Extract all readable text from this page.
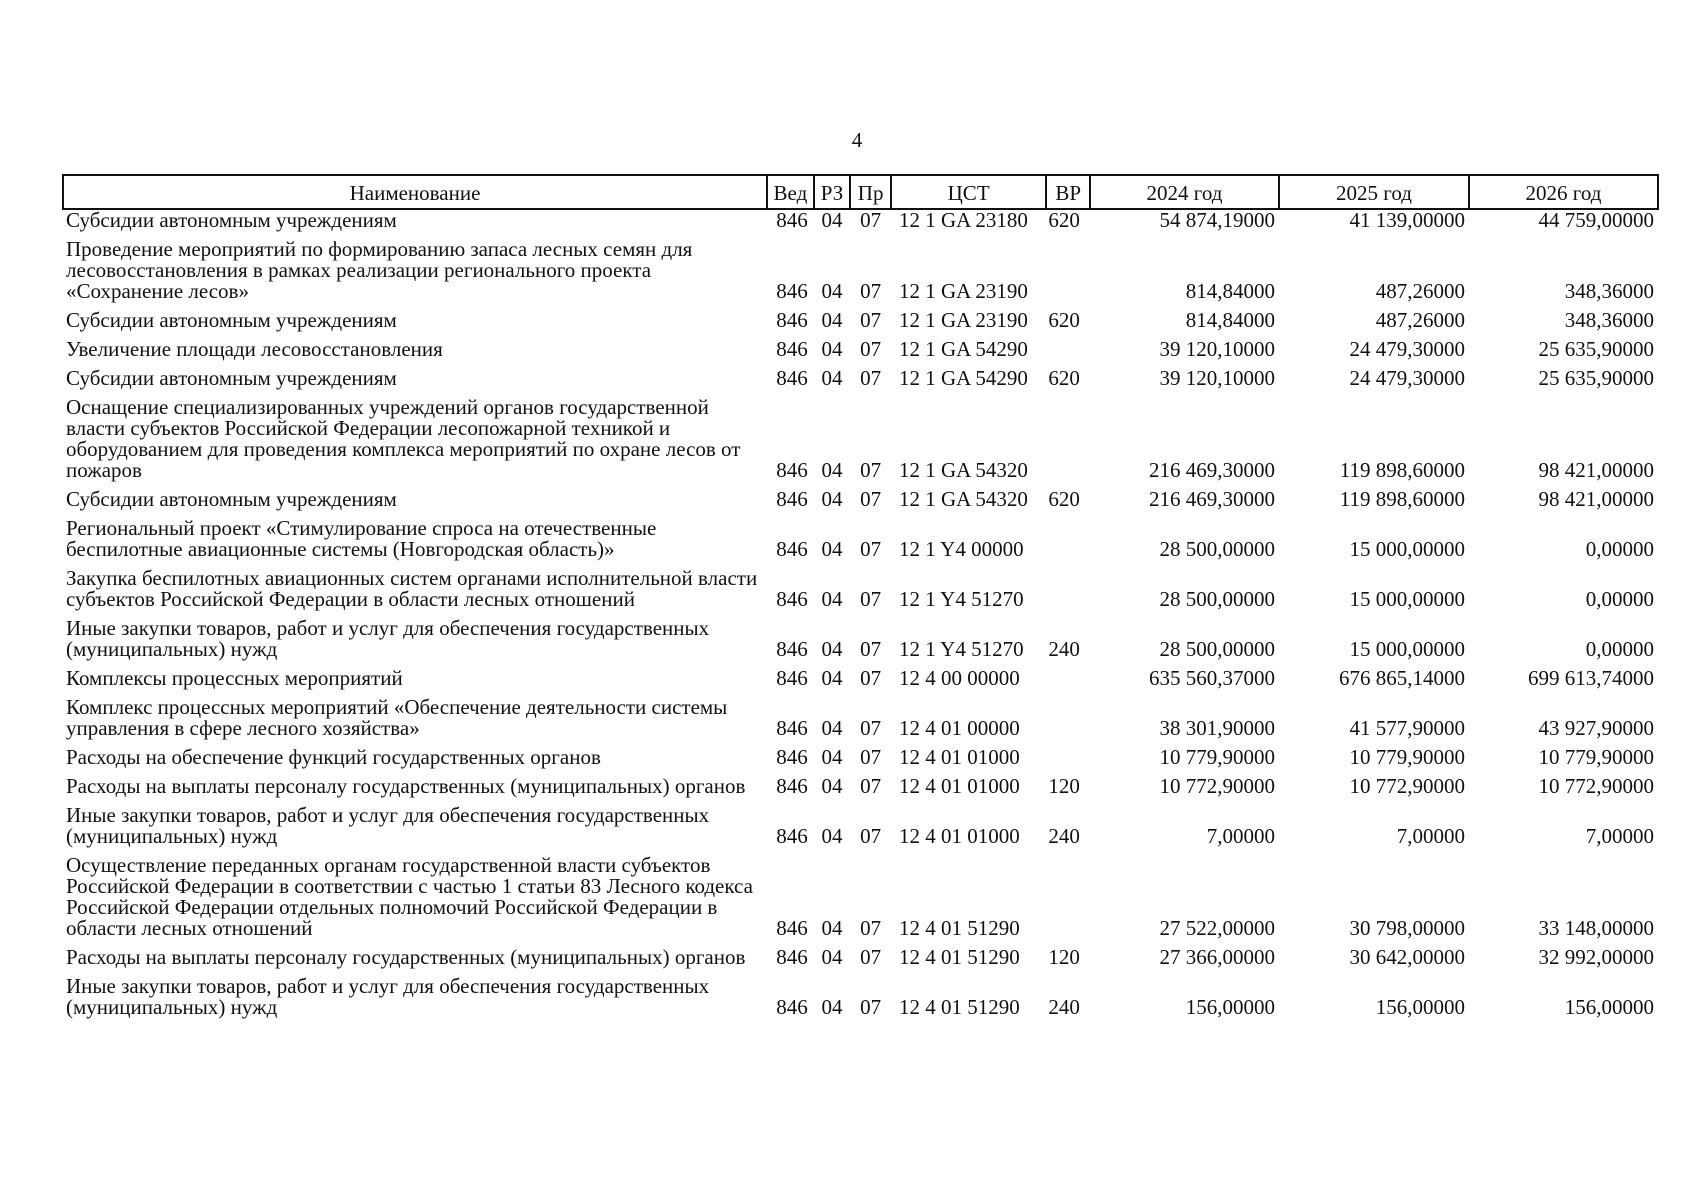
4
Наименование	Вед	РЗ	Пр	ЦСТ	ВР	2024 год	2025 год	2026 год
Субсидии автономным учреждениям	846	04	07	12 1 GA 23180	620	54 874,19000	41 139,00000	44 759,00000
Проведение мероприятий по формированию запаса лесных семян для лесовосстановления в рамках реализации регионального проекта «Сохранение лесов»	846	04	07	12 1 GA 23190		814,84000	487,26000	348,36000
Субсидии автономным учреждениям	846	04	07	12 1 GA 23190	620	814,84000	487,26000	348,36000
Увеличение площади лесовосстановления	846	04	07	12 1 GA 54290		39 120,10000	24 479,30000	25 635,90000
Субсидии автономным учреждениям	846	04	07	12 1 GA 54290	620	39 120,10000	24 479,30000	25 635,90000
Оснащение специализированных учреждений органов государственной власти субъектов Российской Федерации лесопожарной техникой и оборудованием для проведения комплекса мероприятий по охране лесов от пожаров	846	04	07	12 1 GA 54320		216 469,30000	119 898,60000	98 421,00000
Субсидии автономным учреждениям	846	04	07	12 1 GA 54320	620	216 469,30000	119 898,60000	98 421,00000
Региональный проект «Стимулирование спроса на отечественные беспилотные авиационные системы (Новгородская область)»	846	04	07	12 1 Y4 00000		28 500,00000	15 000,00000	0,00000
Закупка беспилотных авиационных систем органами исполнительной власти субъектов Российской Федерации в области лесных отношений	846	04	07	12 1 Y4 51270		28 500,00000	15 000,00000	0,00000
Иные закупки товаров, работ и услуг для обеспечения государственных (муниципальных) нужд	846	04	07	12 1 Y4 51270	240	28 500,00000	15 000,00000	0,00000
Комплексы процессных мероприятий	846	04	07	12 4 00 00000		635 560,37000	676 865,14000	699 613,74000
Комплекс процессных мероприятий «Обеспечение деятельности системы управления в сфере лесного хозяйства»	846	04	07	12 4 01 00000		38 301,90000	41 577,90000	43 927,90000
Расходы на обеспечение функций государственных органов	846	04	07	12 4 01 01000		10 779,90000	10 779,90000	10 779,90000
Расходы на выплаты персоналу государственных (муниципальных) органов	846	04	07	12 4 01 01000	120	10 772,90000	10 772,90000	10 772,90000
Иные закупки товаров, работ и услуг для обеспечения государственных (муниципальных) нужд	846	04	07	12 4 01 01000	240	7,00000	7,00000	7,00000
Осуществление переданных органам государственной власти субъектов Российской Федерации в соответствии с частью 1 статьи 83 Лесного кодекса Российской Федерации отдельных полномочий Российской Федерации в области лесных отношений	846	04	07	12 4 01 51290		27 522,00000	30 798,00000	33 148,00000
Расходы на выплаты персоналу государственных (муниципальных) органов	846	04	07	12 4 01 51290	120	27 366,00000	30 642,00000	32 992,00000
Иные закупки товаров, работ и услуг для обеспечения государственных (муниципальных) нужд	846	04	07	12 4 01 51290	240	156,00000	156,00000	156,00000
